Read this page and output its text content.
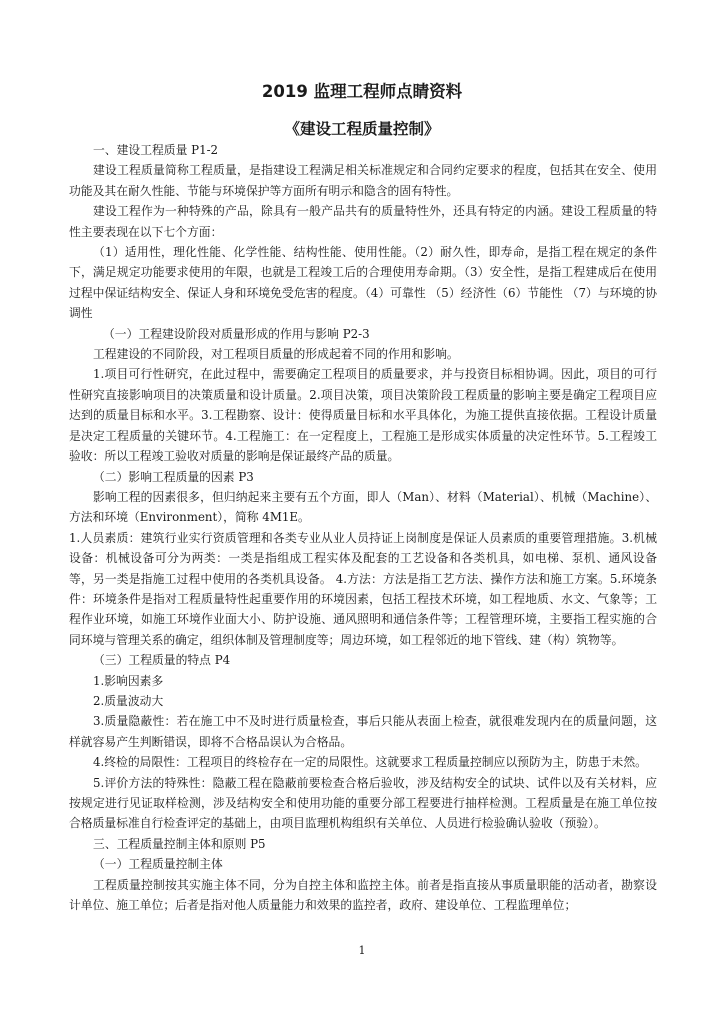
2019 监理工程师点睛资料
《建设工程质量控制》

一、建设工程质量 P1-2

建设工程质量简称工程质量，是指建设工程满足相关标准规定和合同约定要求的程度，包括其在安全、使用功能及其在耐久性能、节能与环境保护等方面所有明示和隐含的固有特性。

建设工程作为一种特殊的产品，除具有一般产品共有的质量特性外，还具有特定的内涵。建设工程质量的特性主要表现在以下七个方面：

（1）适用性，理化性能、化学性能、结构性能、使用性能。（2）耐久性，即寿命，是指工程在规定的条件下，满足规定功能要求使用的年限，也就是工程竣工后的合理使用寿命期。（3）安全性，是指工程建成后在使用过程中保证结构安全、保证人身和环境免受危害的程度。（4）可靠性 （5）经济性（6）节能性 （7）与环境的协调性

（一）工程建设阶段对质量形成的作用与影响 P2-3

工程建设的不同阶段，对工程项目质量的形成起着不同的作用和影响。

1.项目可行性研究，在此过程中，需要确定工程项目的质量要求，并与投资目标相协调。因此，项目的可行性研究直接影响项目的决策质量和设计质量。2.项目决策，项目决策阶段工程质量的影响主要是确定工程项目应达到的质量目标和水平。3.工程勘察、设计：使得质量目标和水平具体化，为施工提供直接依据。工程设计质量是决定工程质量的关键环节。4.工程施工：在一定程度上，工程施工是形成实体质量的决定性环节。5.工程竣工验收：所以工程竣工验收对质量的影响是保证最终产品的质量。

（二）影响工程质量的因素 P3

影响工程的因素很多，但归纳起来主要有五个方面，即人（Man）、材料（Material）、机械（Machine）、方法和环境（Environment），简称 4M1E。

1.人员素质：建筑行业实行资质管理和各类专业从业人员持证上岗制度是保证人员素质的重要管理措施。3.机械设备：机械设备可分为两类：一类是指组成工程实体及配套的工艺设备和各类机具，如电梯、泵机、通风设备等，另一类是指施工过程中使用的各类机具设备。 4.方法：方法是指工艺方法、操作方法和施工方案。5.环境条件：环境条件是指对工程质量特性起重要作用的环境因素，包括工程技术环境，如工程地质、水文、气象等；工程作业环境，如施工环境作业面大小、防护设施、通风照明和通信条件等；工程管理环境，主要指工程实施的合同环境与管理关系的确定，组织体制及管理制度等；周边环境，如工程邻近的地下管线、建（构）筑物等。

（三）工程质量的特点 P4

1.影响因素多

2.质量波动大

3.质量隐蔽性：若在施工中不及时进行质量检查，事后只能从表面上检查，就很难发现内在的质量问题，这样就容易产生判断错误，即将不合格品误认为合格品。

4.终检的局限性：工程项目的终检存在一定的局限性。这就要求工程质量控制应以预防为主，防患于未然。

5.评价方法的特殊性：隐蔽工程在隐蔽前要检查合格后验收，涉及结构安全的试块、试件以及有关材料，应按规定进行见证取样检测，涉及结构安全和使用功能的重要分部工程要进行抽样检测。工程质量是在施工单位按合格质量标准自行检查评定的基础上，由项目监理机构组织有关单位、人员进行检验确认验收（预验）。

三、工程质量控制主体和原则 P5

（一）工程质量控制主体

工程质量控制按其实施主体不同，分为自控主体和监控主体。前者是指直接从事质量职能的活动者，勘察设计单位、施工单位；后者是指对他人质量能力和效果的监控者，政府、建设单位、工程监理单位；

1
